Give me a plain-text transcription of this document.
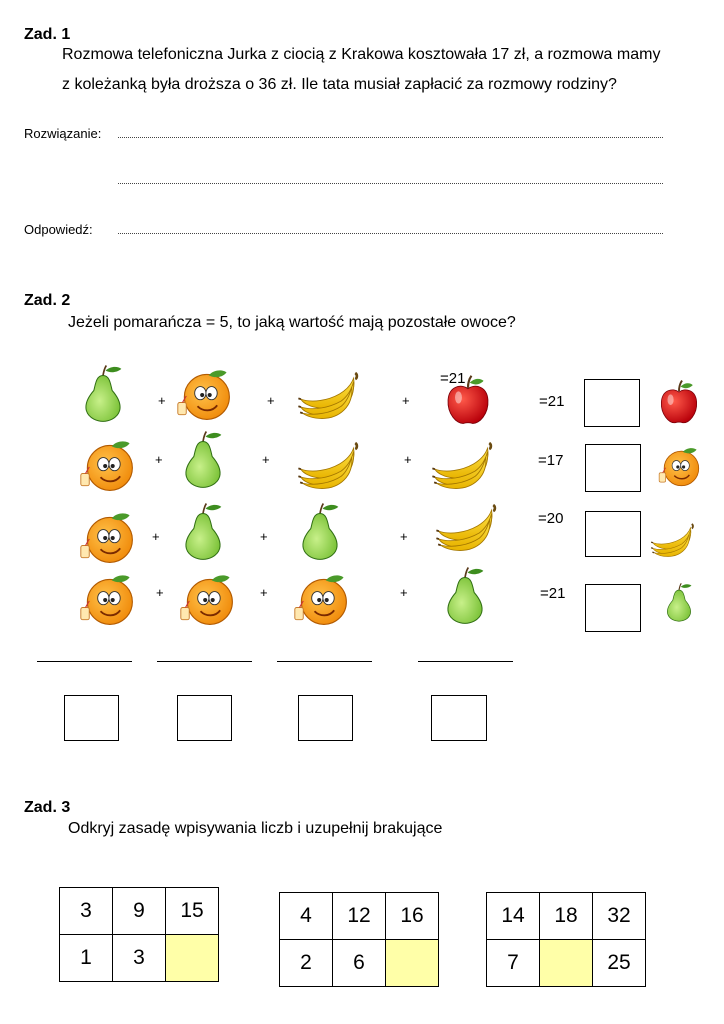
Zad. 1
Rozmowa telefoniczna Jurka z ciocią z Krakowa kosztowała 17 zł, a rozmowa mamy
z koleżanką była droższa o 36 zł. Ile tata musiał zapłacić za rozmowy rodziny?
Rozwiązanie:
Odpowiedź:
Zad. 2
Jeżeli pomarańcza = 5, to jaką wartość mają pozostałe owoce?
+	+	+
=21
=21
+	+	+	=17
+	+	+
=20
+	+	+	=21
Zad. 3
Odkryj zasadę wpisywania liczb i uzupełnij brakujące
3	9	15
1	3	
4	12	16
2	6	
14	18	32
7		25
